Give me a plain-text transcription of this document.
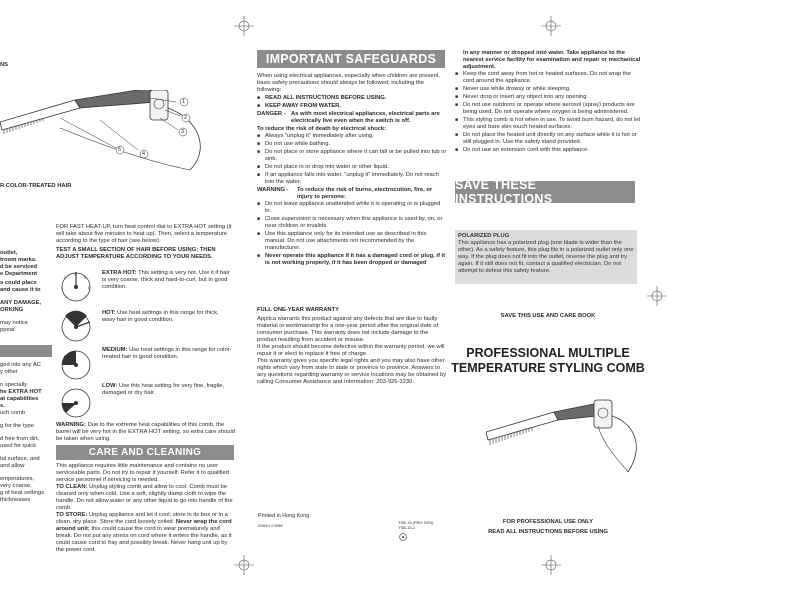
NS
1
2
3
4
5
R COLOR-TREATED HAIR
outlet,
troom marks.
d be serviced
e Department
s could place
and cause it to
ANY DAMAGE,
ORKING
may notice
ppear.
ged into any AC
y other
n specially
he EXTRA HOT
at capabilities
s.
uch comb
g for the type
d free from dirt,
used for quick
tal surface, and
and allow
emperatures,
very coarse,
g of heat settings
thicknesses
FOR FAST HEAT-UP, turn heat control dial to EXTRA HOT setting (it will take about five minutes to heat up). Then, select a temperature according to the type of hair (see below).
TEST A SMALL SECTION OF HAIR BEFORE USING; THEN ADJUST TEMPERATURE ACCORDING TO YOUR NEEDS.
1
2
3
4
5
6
7
EXTRA HOT: This setting is very hot. Use it if hair is very coarse, thick and hard-to-curl, but in good condition.
HOT: Use heat settings in this range for thick, wavy hair in good condition.
MEDIUM: Use heat settings in this range for color-treated hair in good condition.
LOW: Use this heat setting for very fine, fragile, damaged or dry hair.
WARNING: Due to the extreme heat capabilities of this comb, the barrel will be very hot in the EXTRA HOT setting, so extra care should be taken when using.
CARE AND CLEANING
This appliance requires little maintenance and contains no user serviceable parts. Do not try to repair it yourself. Refer it to qualified service personnel if servicing is needed.
TO CLEAN: Unplug styling comb and allow to cool. Comb must be cleaned only when cold. Use a soft, slightly damp cloth to wipe the handle. Do not allow water or any other liquid to go into handle of the comb.
TO STORE: Unplug appliance and let it cool; store in its box or in a clean, dry place. Store the cord loosely coiled. Never wrap the cord around unit; this could cause the cord to wear prematurely and break. Do not put any stress on cord where it enters the handle, as it could cause cord to fray and possibly break. Never hang unit up by the power cord.
IMPORTANT SAFEGUARDS
When using electrical appliances, especially when children are present, basic safety precautions should always be followed, including the following:
■ READ ALL INSTRUCTIONS BEFORE USING.
■ KEEP AWAY FROM WATER.
DANGER - As with most electrical appliances, electrical parts are electrically live even when the switch is off.
To reduce the risk of death by electrical shock:
■ Always "unplug it" immediately after using.
■ Do not use while bathing.
■ Do not place or store appliance where it can fall or be pulled into tub or sink.
■ Do not place in or drop into water or other liquid.
■ If an appliance falls into water, "unplug it" immediately. Do not reach into the water.
WARNING -	To reduce the risk of burns, electrocution, fire, or injury to persons:
■ Do not leave appliance unattended while it is operating or is plugged in.
■ Close supervision is necessary when this appliance is used by, on, or near children or invalids.
■ Use this appliance only for its intended use as described in this manual. Do not use attachments not recommended by the manufacturer.
■ Never operate this appliance if it has a damaged cord or plug, if it is not working properly, if it has been dropped or damaged
FULL ONE-YEAR WARRANTY
Applica warrants this product against any defects that are due to faulty material or workmanship for a one-year period after the original date of consumer purchase. This warranty does not include damage to the product resulting from accident or misuse.
If the product should become defective within the warranty period, we will repair it or elect to replace it free of charge.
This warranty gives you specific legal rights and you may also have other rights which vary from state to state or province to province. Answers to any questions regarding warranty or service locations may be obtained by calling Consumer Assistance and Information: 203-926-3230.
Printed in Hong Kong
2060/1 0.5/98
TSB-15 (PRO SEN)
TSB-15-2
in any manner or dropped into water. Take appliance to the nearest service facility for examination and repair or mechanical adjustment.
■ Keep the cord away from hot or heated surfaces. Do not wrap the cord around the appliance.
■ Never use while drowsy or while sleeping.
■ Never drop or insert any object into any opening.
■ Do not use outdoors or operate where aerosol (spray) products are being used. Do not operate where oxygen is being administered.
■ This styling comb is hot when in use. To avoid burn hazard, do not let eyes and bare skin touch heated surfaces.
■ Do not place the heated unit directly on any surface while it is hot or still plugged in. Use the safety stand provided.
■ Do not use an extension cord with this appliance.
SAVE THESE INSTRUCTIONS
POLARIZED PLUG
This appliance has a polarized plug (one blade is wider than the other). As a safety feature, this plug fits in a polarized outlet only one way. If the plug does not fit into the outlet, reverse the plug and try again. If it still does not fit, contact a qualified electrician. Do not attempt to defeat this safety feature.
SAVE THIS USE AND CARE BOOK
PROFESSIONAL MULTIPLE
TEMPERATURE STYLING COMB
FOR PROFESSIONAL USE ONLY
READ ALL INSTRUCTIONS BEFORE USING
